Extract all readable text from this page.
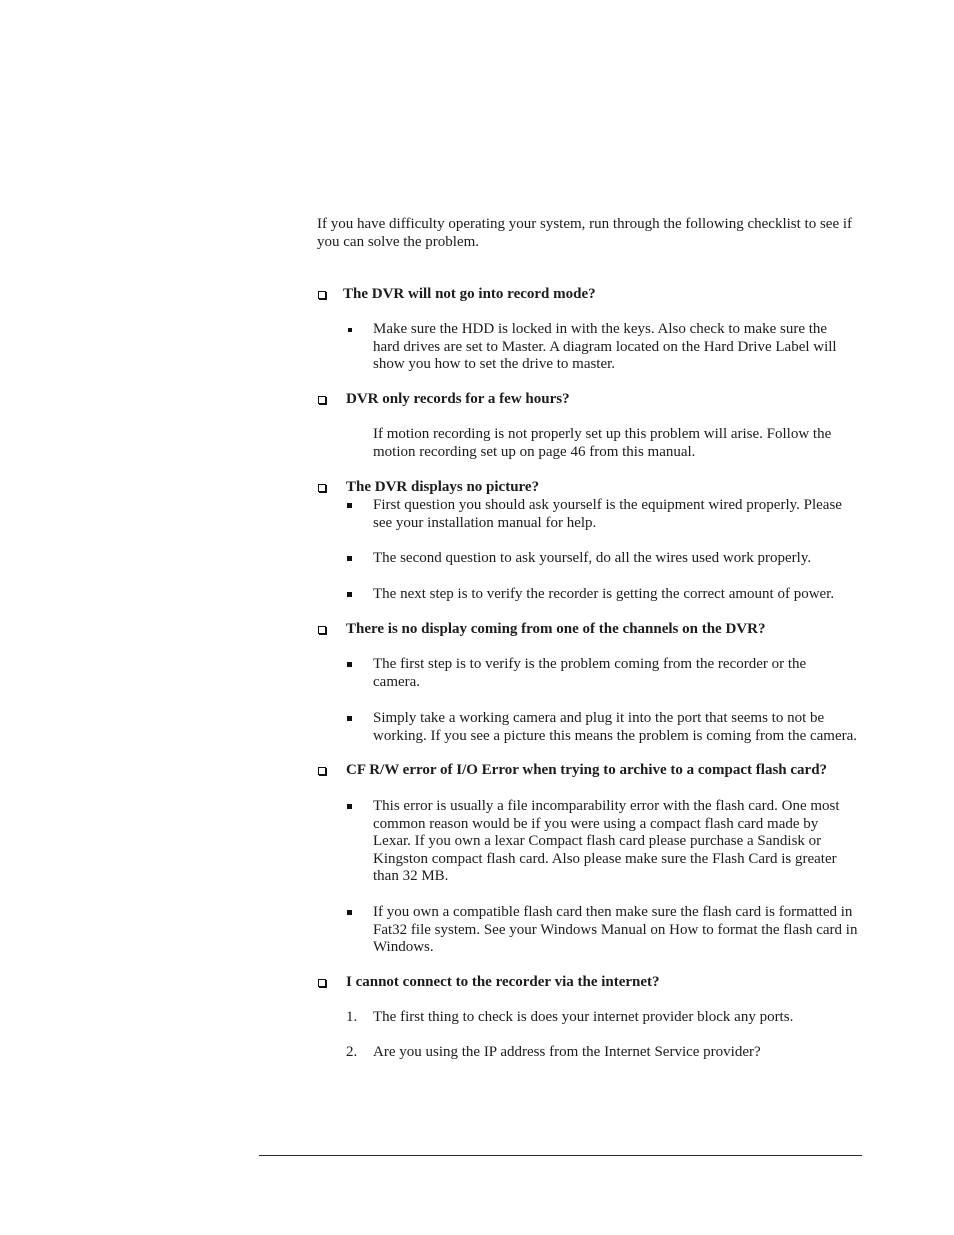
If you have difficulty operating your system, run through the following checklist to see if
you can solve the problem.
The DVR will not go into record mode?
Make sure the HDD is locked in with the keys. Also check to make sure the
hard drives are set to Master. A diagram located on the Hard Drive Label will
show you how to set the drive to master.
DVR only records for a few hours?
If motion recording is not properly set up this problem will arise. Follow the
motion recording set up on page 46 from this manual.
The DVR displays no picture?
First question you should ask yourself is the equipment wired properly. Please
see your installation manual for help.
The second question to ask yourself, do all the wires used work properly.
The next step is to verify the recorder is getting the correct amount of power.
There is no display coming from one of the channels on the DVR?
The first step is to verify is the problem coming from the recorder or the
camera.
Simply take a working camera and plug it into the port that seems to not be
working. If you see a picture this means the problem is coming from the camera.
CF R/W error of I/O Error when trying to archive to a compact flash card?
This error is usually a file incomparability error with the flash card. One most
common reason would be if you were using a compact flash card made by
Lexar. If you own a lexar Compact flash card please purchase a Sandisk or
Kingston compact flash card. Also please make sure the Flash Card is greater
than 32 MB.
If you own a compatible flash card then make sure the flash card is formatted in
Fat32 file system. See your Windows Manual on How to format the flash card in
Windows.
I cannot connect to the recorder via the internet?
1. The first thing to check is does your internet provider block any ports.
2. Are you using the IP address from the Internet Service provider?
